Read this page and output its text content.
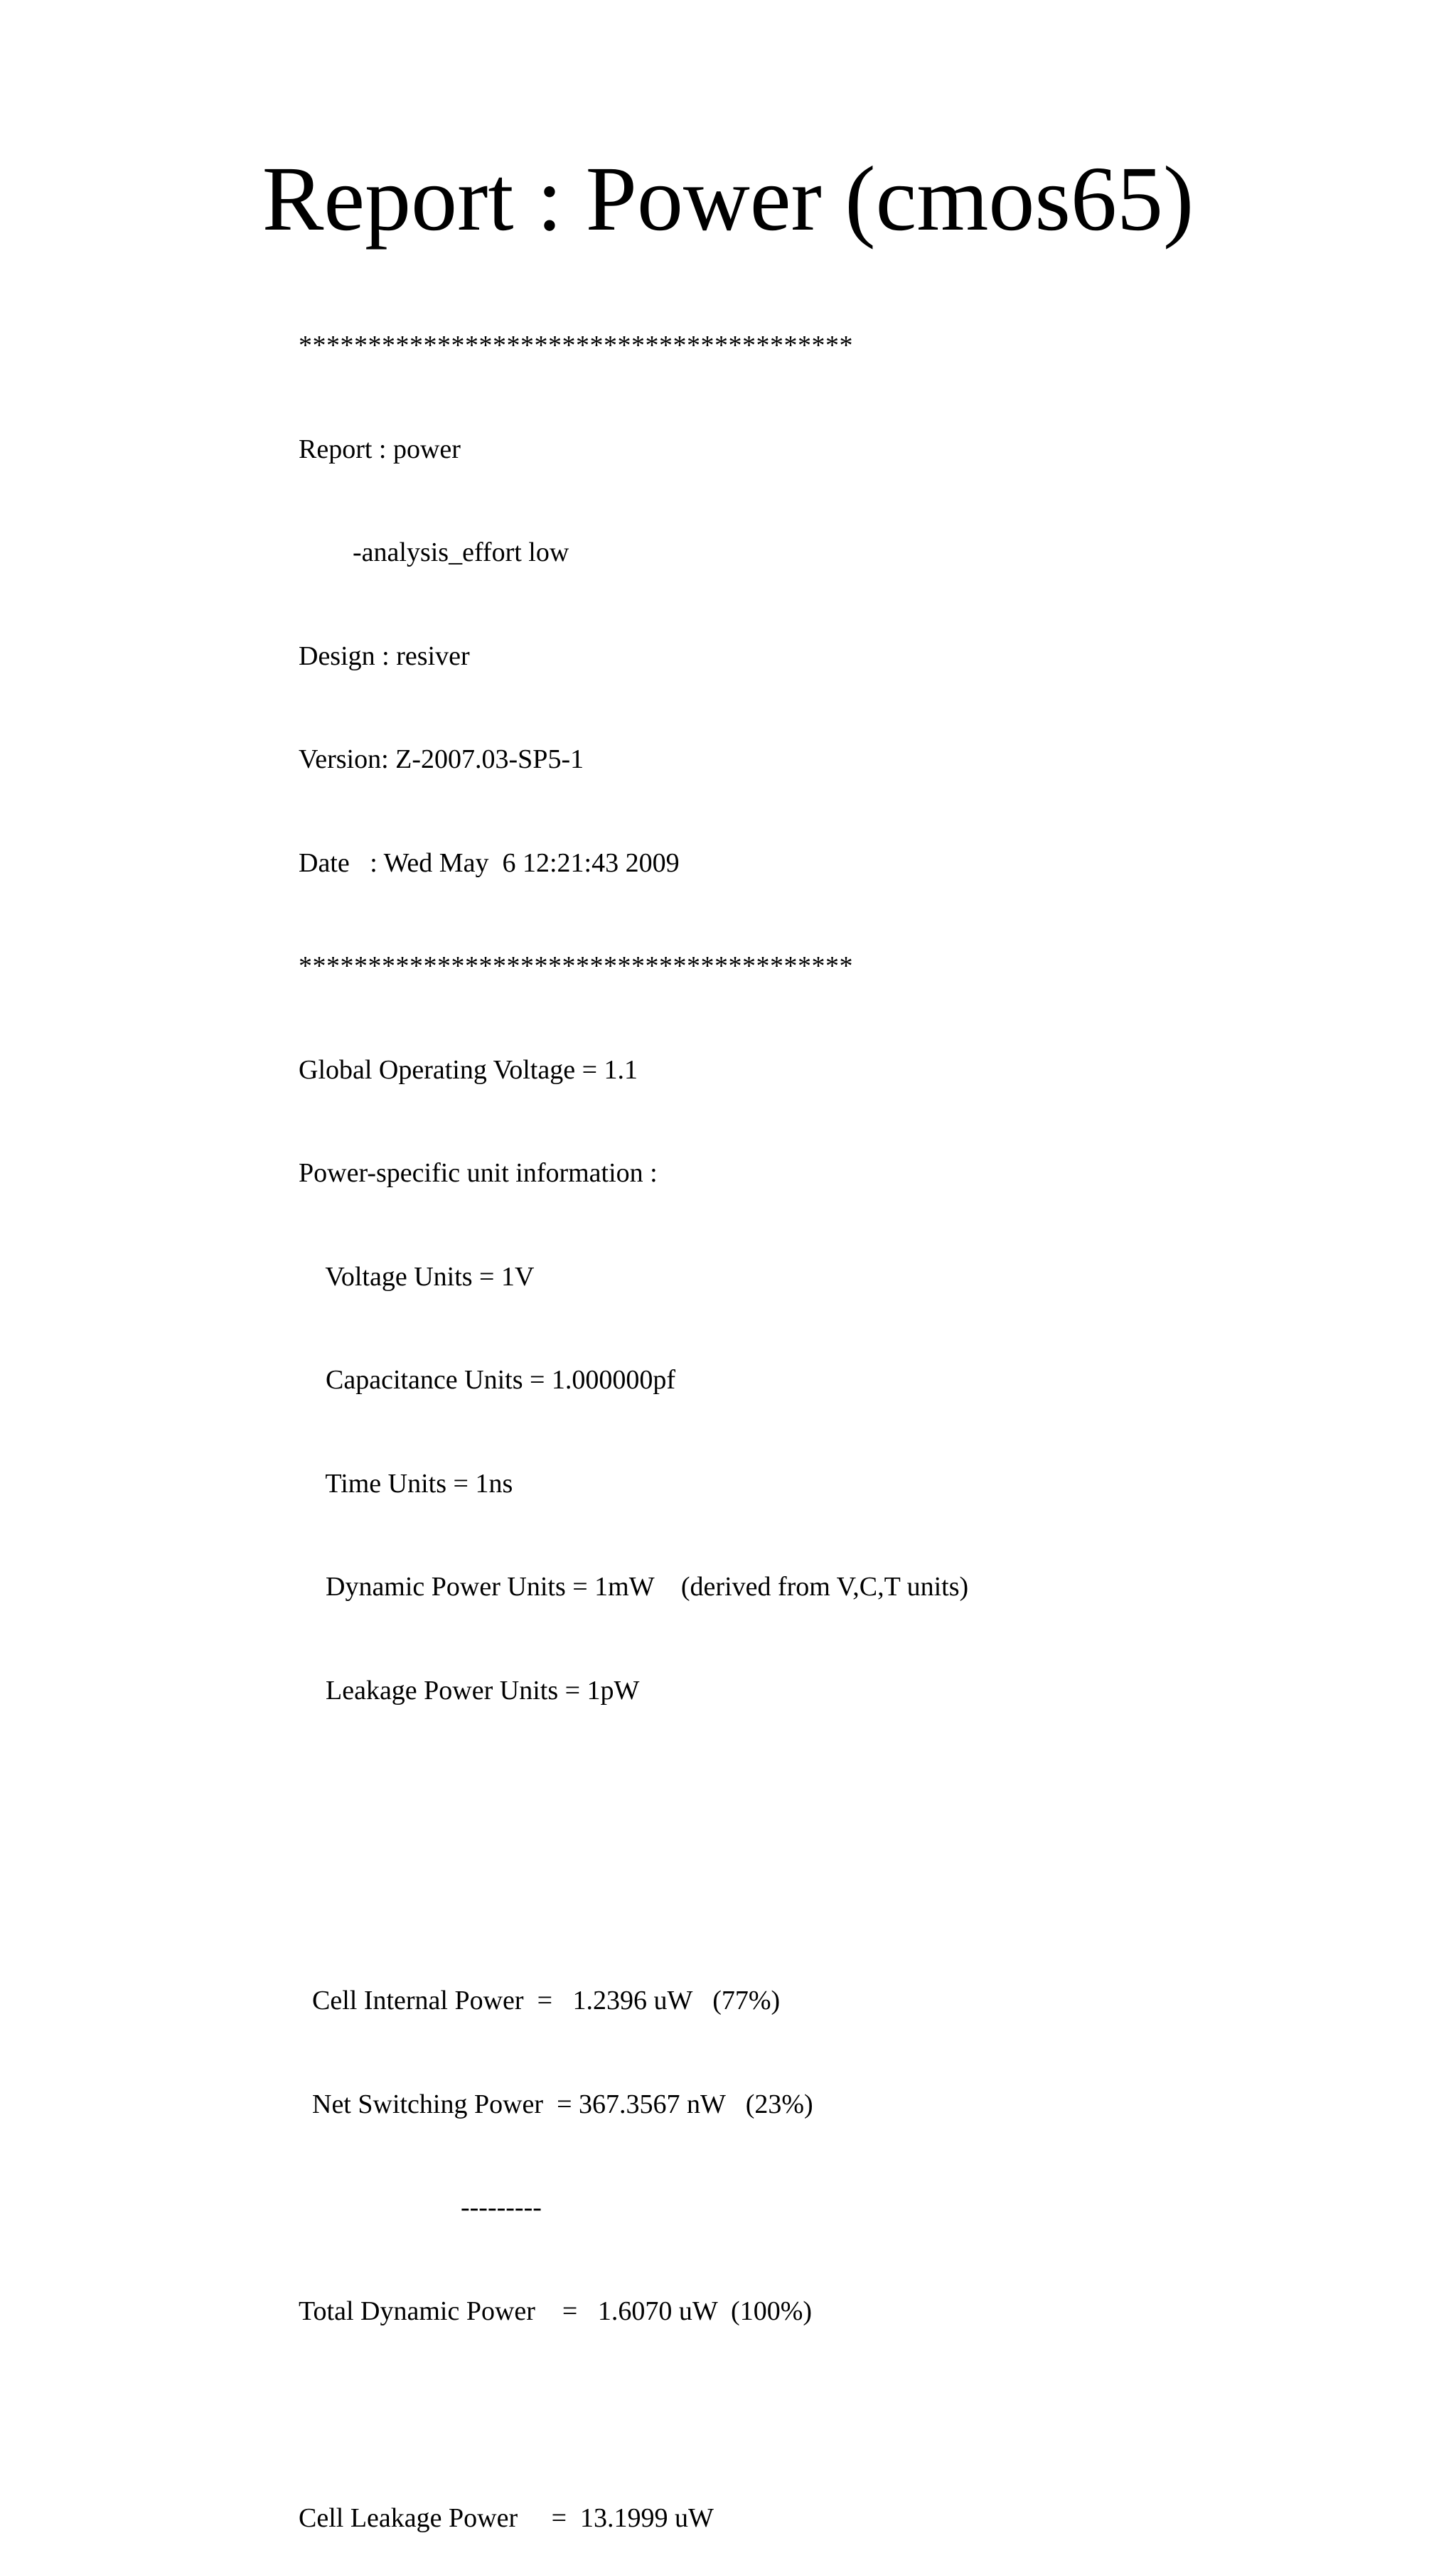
Report : Power (cmos65)

****************************************

Report : power

-analysis_effort low

Design : resiver

Version: Z-2007.03-SP5-1

Date   : Wed May  6 12:21:43 2009

****************************************

Global Operating Voltage = 1.1

Power-specific unit information :

Voltage Units = 1V

Capacitance Units = 1.000000pf

Time Units = 1ns

Dynamic Power Units = 1mW    (derived from V,C,T units)

Leakage Power Units = 1pW

Cell Internal Power  =   1.2396 uW   (77%)

Net Switching Power  = 367.3567 nW   (23%)

---------

Total Dynamic Power    =   1.6070 uW  (100%)

Cell Leakage Power     =  13.1999 uW
